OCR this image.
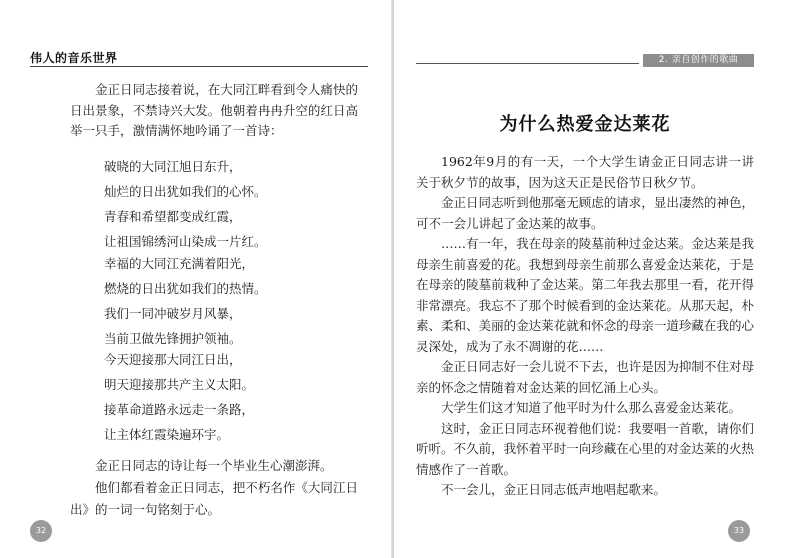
伟人的音乐世界

金正日同志接着说，在大同江畔看到令人痛快的日出景象，不禁诗兴大发。他朝着冉冉升空的红日高举一只手，激情满怀地吟诵了一首诗：

破晓的大同江旭日东升，

灿烂的日出犹如我们的心怀。

青春和希望都变成红霞，

让祖国锦绣河山染成一片红。

幸福的大同江充满着阳光，

燃烧的日出犹如我们的热情。

我们一同冲破岁月风暴，

当前卫做先锋拥护领袖。

今天迎接那大同江日出，

明天迎接那共产主义太阳。

接革命道路永远走一条路，

让主体红霞染遍环宇。

金正日同志的诗让每一个毕业生心潮澎湃。

他们都看着金正日同志，把不朽名作《大同江日出》的一词一句铭刻于心。

32
2. 亲自创作的歌曲
为什么热爱金达莱花

1962年9月的有一天，一个大学生请金正日同志讲一讲关于秋夕节的故事，因为这天正是民俗节日秋夕节。

金正日同志听到他那毫无顾虑的请求，显出凄然的神色，可不一会儿讲起了金达莱的故事。

……有一年，我在母亲的陵墓前种过金达莱。金达莱是我母亲生前喜爱的花。我想到母亲生前那么喜爱金达莱花，于是在母亲的陵墓前栽种了金达莱。第二年我去那里一看，花开得非常漂亮。我忘不了那个时候看到的金达莱花。从那天起，朴素、柔和、美丽的金达莱花就和怀念的母亲一道珍藏在我的心灵深处，成为了永不凋谢的花……

金正日同志好一会儿说不下去，也许是因为抑制不住对母亲的怀念之情随着对金达莱的回忆涌上心头。

大学生们这才知道了他平时为什么那么喜爱金达莱花。

这时，金正日同志环视着他们说：我要唱一首歌，请你们听听。不久前，我怀着平时一向珍藏在心里的对金达莱的火热情感作了一首歌。

不一会儿，金正日同志低声地唱起歌来。

33
